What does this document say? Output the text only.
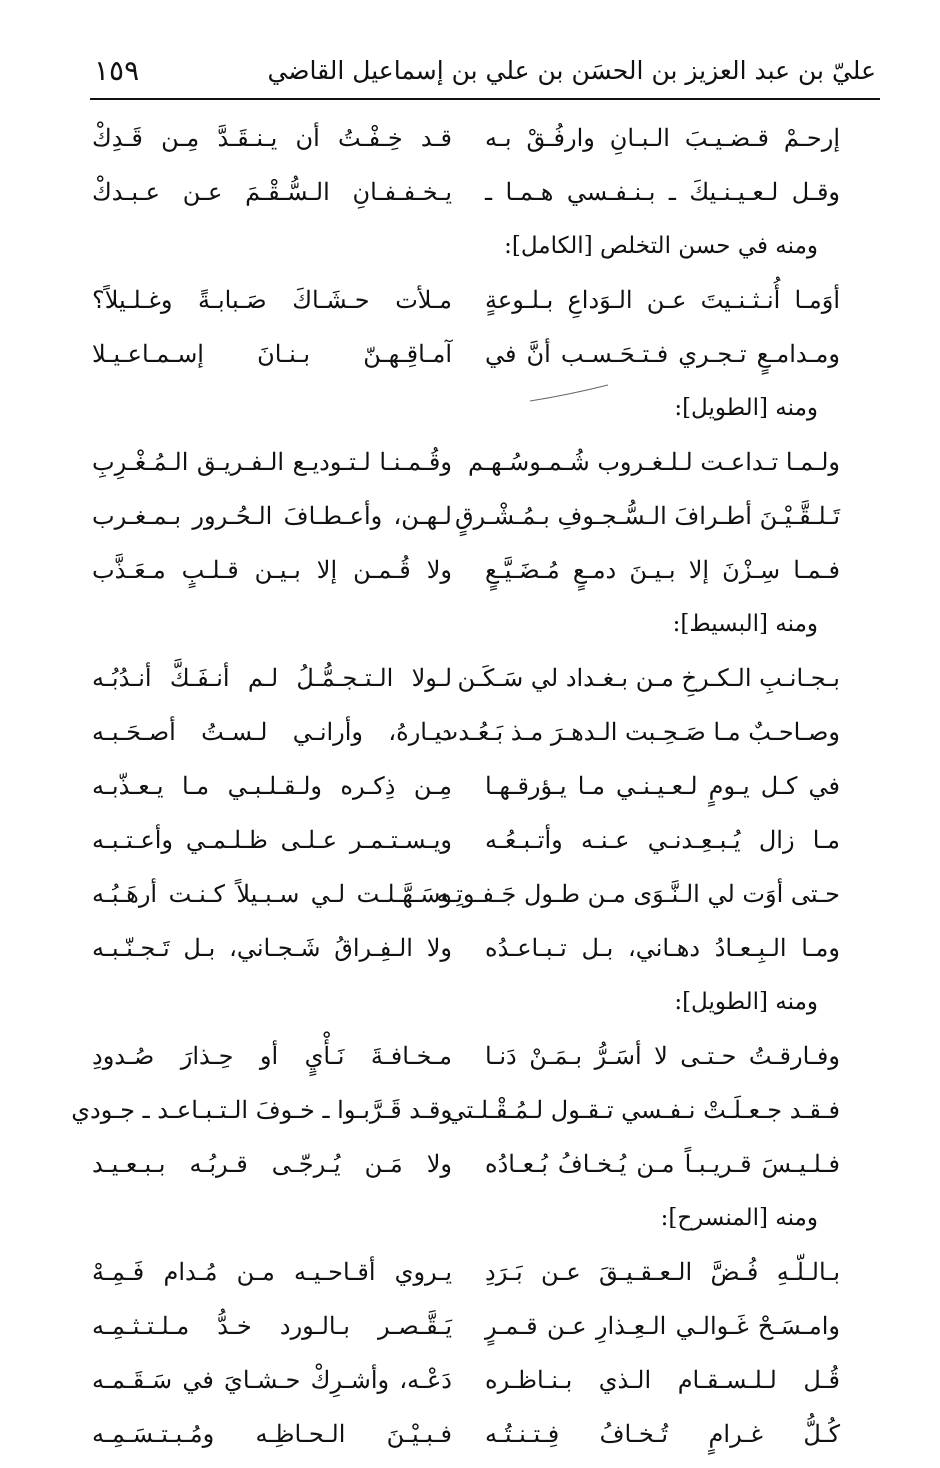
عليّ بن عبد العزيز بن الحسَن بن علي بن إسماعيل القاضي
١٥٩
إرحـمْ قـضـيـبَ الـبـانِ وارفُـقْ بـه
قـد خِـفْـتُ أن يـنـقَـدَّ مِـن قَـدِكْ
وقـل لـعـيـنـيكَ ـ بـنـفـسي هـمـا ـ
يـخـفـفـانِ الـسُّـقْـمَ عـن عـبـدكْ
ومنه في حسن التخلص [الكامل]:
أوَمـا أُنـثـنـيتَ عـن الـوَداعِ بـلـوعةٍ
مـلأت حـشَـاكَ صَـبابـةً وغـلـيلاً؟
ومـدامـعٍ تـجـري فـتـحَـسـب أنَّ في
آمـاقِـهـنّ بـنـانَ إسـمـاعـيـلا
ومنه [الطويل]:
ولـمـا تـداعـت لـلـغـروب شُـمـوسُـهـم
وقُـمـنـا لـتـوديـع الـفـريـق الـمُـغْـرِبِ
تَـلـقَّـيْـنَ أطـرافَ الـسُّـجـوفِ بـمُـشْـرقٍ
لـهـن، وأعـطـافَ الـحُـرور بـمـغـرب
فـمـا سِـزْنَ إلا بـيـنَ دمـعٍ مُـضَـيَّـعٍ
ولا قُـمـن إلا بـيـن قـلـبٍ مـعَـذَّب
ومنه [البسيط]:
بـجـانـبِ الـكـرخِ مـن بـغـداد لي سَـكَـن
لـولا الـتـجـمُّـلُ لـم أنـفَـكَّ أنـدُبُـه
وصـاحـبٌ مـا صَـحِـبت الـدهـرَ مـذ بَـعُـدت
ديـارهُ، وأرانـي لـسـتُ أصـحَـبـه
في كـل يـومٍ لـعـيـنـي مـا يـؤرقـهـا
مِـن ذِكـره ولـقـلـبـي مـا يـعـذّبـه
مـا زال يُـبـعِـدنـي عـنـه وأتـبـعُـه
ويـسـتـمـر عـلـى ظـلـمـي وأعـتـبـه
حـتى أوَت لي الـنَّـوَى مـن طـول جَـفـوتِـه
وسَـهَّـلـت لـي سـبـيلاً كـنـت أرهَـبُـه
ومـا الـبِـعـادُ دهـاني، بـل تـبـاعـدُه
ولا الـفِـراقُ شَـجـاني، بـل تَـجـنّـبـه
ومنه [الطويل]:
وفـارقـتُ حـتـى لا أسَـرُّ بـمَـنْ دَنـا
مـخـافـةَ نَـأْيٍ أو حِـذارَ صُـدودِ
فـقـد جـعـلَـتْ نـفـسي تـقـول لـمُـقْـلـتي
وقـد قَـرَّبـوا ـ خـوفَ الـتـبـاعـد ـ جـودي
فـلـيـسَ قـريـبـاً مـن يُـخـافُ بُـعـادُه
ولا مَـن يُـرجّـى قـربُـه بـبـعـيـد
ومنه [المنسرح]:
بـالـلّـهِ فُـضَّ الـعـقـيـقَ عـن بَـرَدِ
يـروي أقـاحـيـه مـن مُـدام فَـمِـهْ
وامـسَـحْ غَـوالـي الـعِـذارِ عـن قـمـرٍ
يَـقَّـصـر بـالـورد خـدُّ مـلـتـثـمِـه
قُـل لـلـسـقـام الـذي بـنـاظـره
دَعْـه، وأشـرِكْ حـشـايَ في سَـقَـمـه
كُـلُّ غـرامٍ تُـخـافُ فِـتـنـتُـه
فـبـيْـنَ الـحـاظِـه ومُـبـتـسَـمِـه
